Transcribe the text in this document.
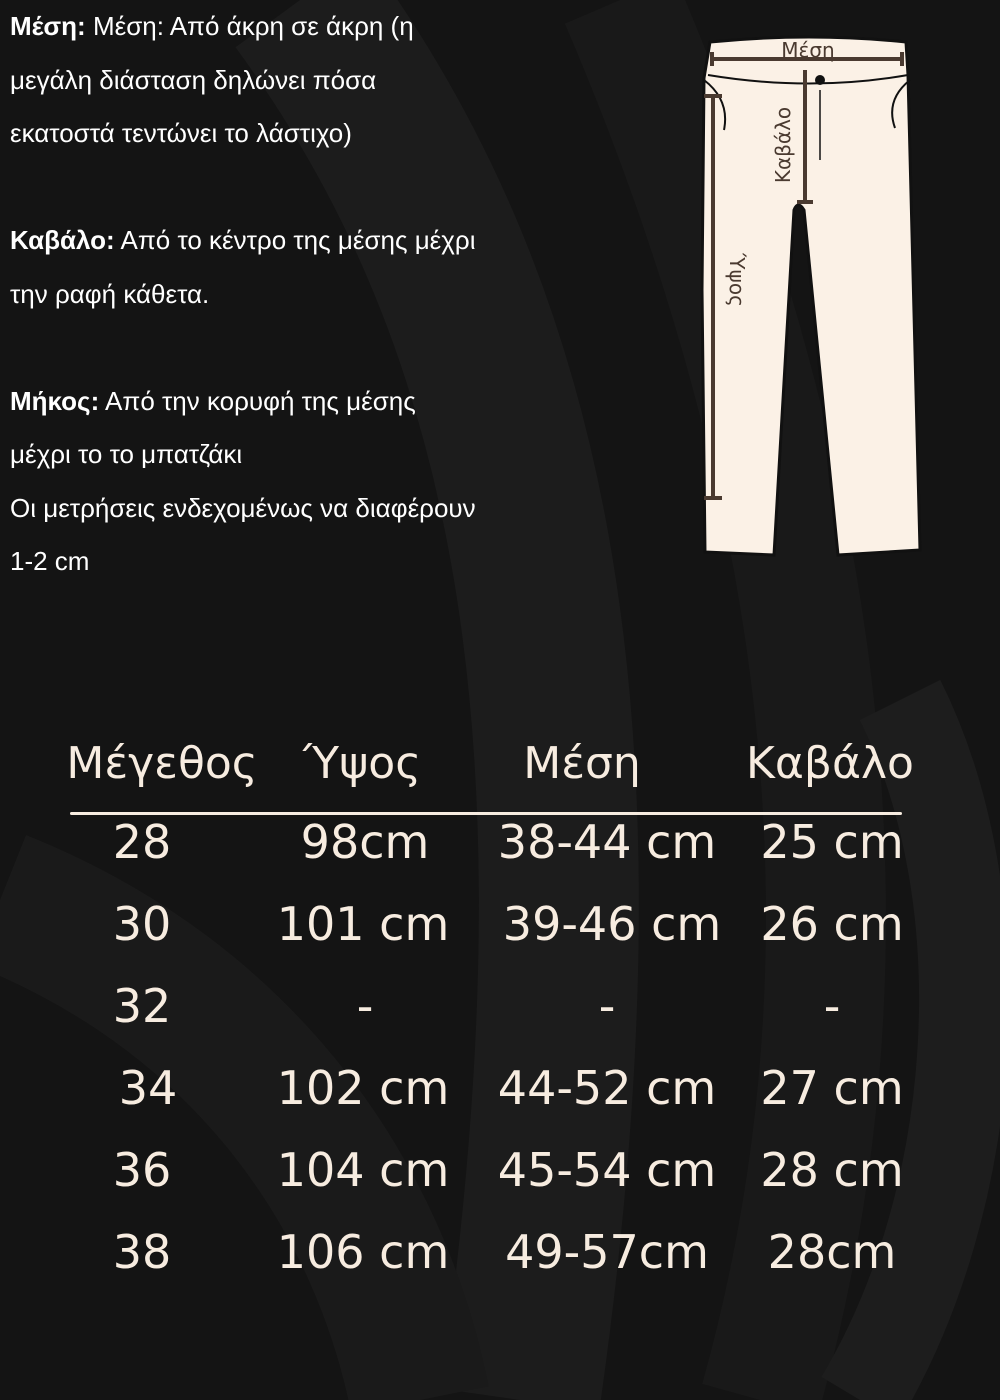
Μέση: Μέση: Από άκρη σε άκρη (η μεγάλη διάσταση δηλώνει πόσα εκατοστά τεντώνει το λάστιχο)

Καβάλο: Από το κέντρο της μέσης μέχρι την ραφή κάθετα.

Μήκος: Από την κορυφή της μέσης μέχρι το το μπατζάκι
Οι μετρήσεις ενδεχομένως να διαφέρουν 1-2 cm

Μέση
Καβάλο
Ύψος
Μέγεθος Ύψος Μέση Καβάλο
28	98cm 38-44 cm 25 cm
30 101 cm 39-46 cm 26 cm
32	-	-	-
34 102 cm 44-52 cm 27 cm
36 104 cm 45-54 cm 28 cm
38 106 cm 49-57cm 28cm
